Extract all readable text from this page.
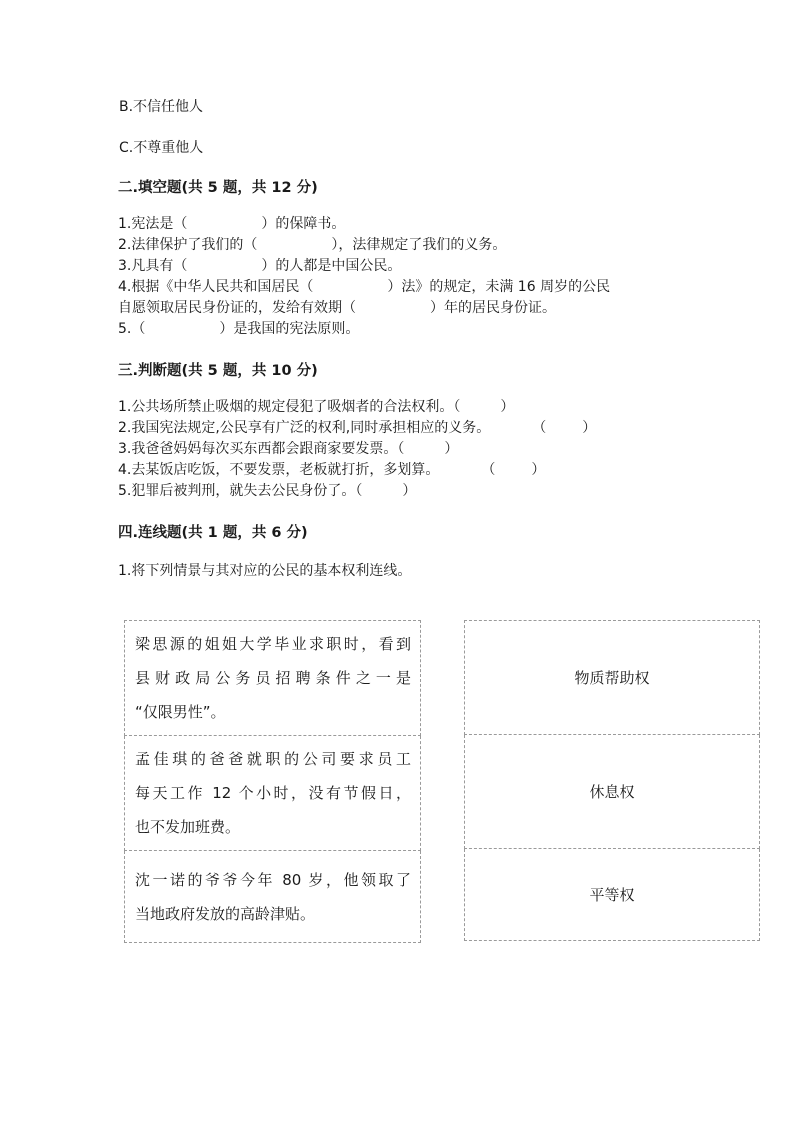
B.不信任他人
C.不尊重他人
二.填空题(共 5 题，共 12 分)
1.宪法是（	）的保障书。
2.法律保护了我们的（	），法律规定了我们的义务。
3.凡具有（	）的人都是中国公民。
4.根据《中华人民共和国居民（	）法》的规定，未满 16 周岁的公民
自愿领取居民身份证的，发给有效期（	）年的居民身份证。
5.（	）是我国的宪法原则。
三.判断题(共 5 题，共 10 分)
1.公共场所禁止吸烟的规定侵犯了吸烟者的合法权利。（	）
2.我国宪法规定,公民享有广泛的权利,同时承担相应的义务。	（	）
3.我爸爸妈妈每次买东西都会跟商家要发票。（	）
4.去某饭店吃饭，不要发票，老板就打折，多划算。	（	）
5.犯罪后被判刑，就失去公民身份了。（	）
四.连线题(共 1 题，共 6 分)
1.将下列情景与其对应的公民的基本权利连线。
梁思源的姐姐大学毕业求职时，看到
县财政局公务员招聘条件之一是
“仅限男性”。

孟佳琪的爸爸就职的公司要求员工
每天工作 12 个小时，没有节假日，
也不发加班费。

沈一诺的爷爷今年 80 岁，他领取了
当地政府发放的高龄津贴。
物质帮助权
休息权
平等权
